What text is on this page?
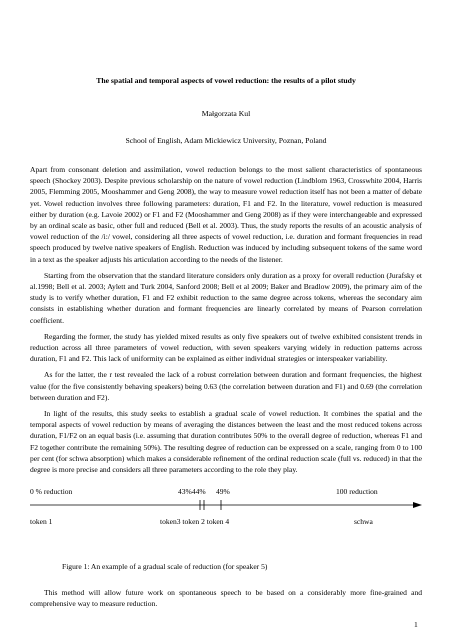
The spatial and temporal aspects of vowel reduction: the results of a pilot study
Małgorzata Kul
School of English, Adam Mickiewicz University, Poznan, Poland

Apart from consonant deletion and assimilation, vowel reduction belongs to the most salient characteristics of spontaneous speech (Shockey 2003). Despite previous scholarship on the nature of vowel reduction (Lindblom 1963, Crosswhite 2004, Harris 2005, Flemming 2005, Mooshammer and Geng 2008), the way to measure vowel reduction itself has not been a matter of debate yet. Vowel reduction involves three following parameters: duration, F1 and F2. In the literature, vowel reduction is measured either by duration (e.g. Lavoie 2002) or F1 and F2 (Mooshammer and Geng 2008) as if they were interchangeable and expressed by an ordinal scale as basic, other full and reduced (Bell et al. 2003). Thus, the study reports the results of an acoustic analysis of vowel reduction of the /i:/ vowel, considering all three aspects of vowel reduction, i.e. duration and formant frequencies in read speech produced by twelve native speakers of English. Reduction was induced by including subsequent tokens of the same word in a text as the speaker adjusts his articulation according to the needs of the listener.

Starting from the observation that the standard literature considers only duration as a proxy for overall reduction (Jurafsky et al.1998; Bell et al. 2003; Aylett and Turk 2004, Sanford 2008; Bell et al 2009; Baker and Bradlow 2009), the primary aim of the study is to verify whether duration, F1 and F2 exhibit reduction to the same degree across tokens, whereas the secondary aim consists in establishing whether duration and formant frequencies are linearly correlated by means of Pearson correlation coefficient.

Regarding the former, the study has yielded mixed results as only five speakers out of twelve exhibited consistent trends in reduction across all three parameters of vowel reduction, with seven speakers varying widely in reduction patterns across duration, F1 and F2. This lack of uniformity can be explained as either individual strategies or interspeaker variability.

As for the latter, the r test revealed the lack of a robust correlation between duration and formant frequencies, the highest value (for the five consistently behaving speakers) being 0.63 (the correlation between duration and F1) and 0.69 (the correlation between duration and F2).

In light of the results, this study seeks to establish a gradual scale of vowel reduction. It combines the spatial and the temporal aspects of vowel reduction by means of averaging the distances between the least and the most reduced tokens across duration, F1/F2 on an equal basis (i.e. assuming that duration contributes 50% to the overall degree of reduction, whereas F1 and F2 together contribute the remaining 50%). The resulting degree of reduction can be expressed on a scale, ranging from 0 to 100 per cent (for schwa absorption) which makes a considerable refinement of the ordinal reduction scale (full vs. reduced) in that the degree is more precise and considers all three parameters according to the role they play.

0 % reduction	43%44% 49%	100 reduction
token 1	token3 token 2 token 4	schwa
Figure 1: An example of a gradual scale of reduction (for speaker 5)
This method will allow future work on spontaneous speech to be based on a considerably more fine-grained and comprehensive way to measure reduction.
1
